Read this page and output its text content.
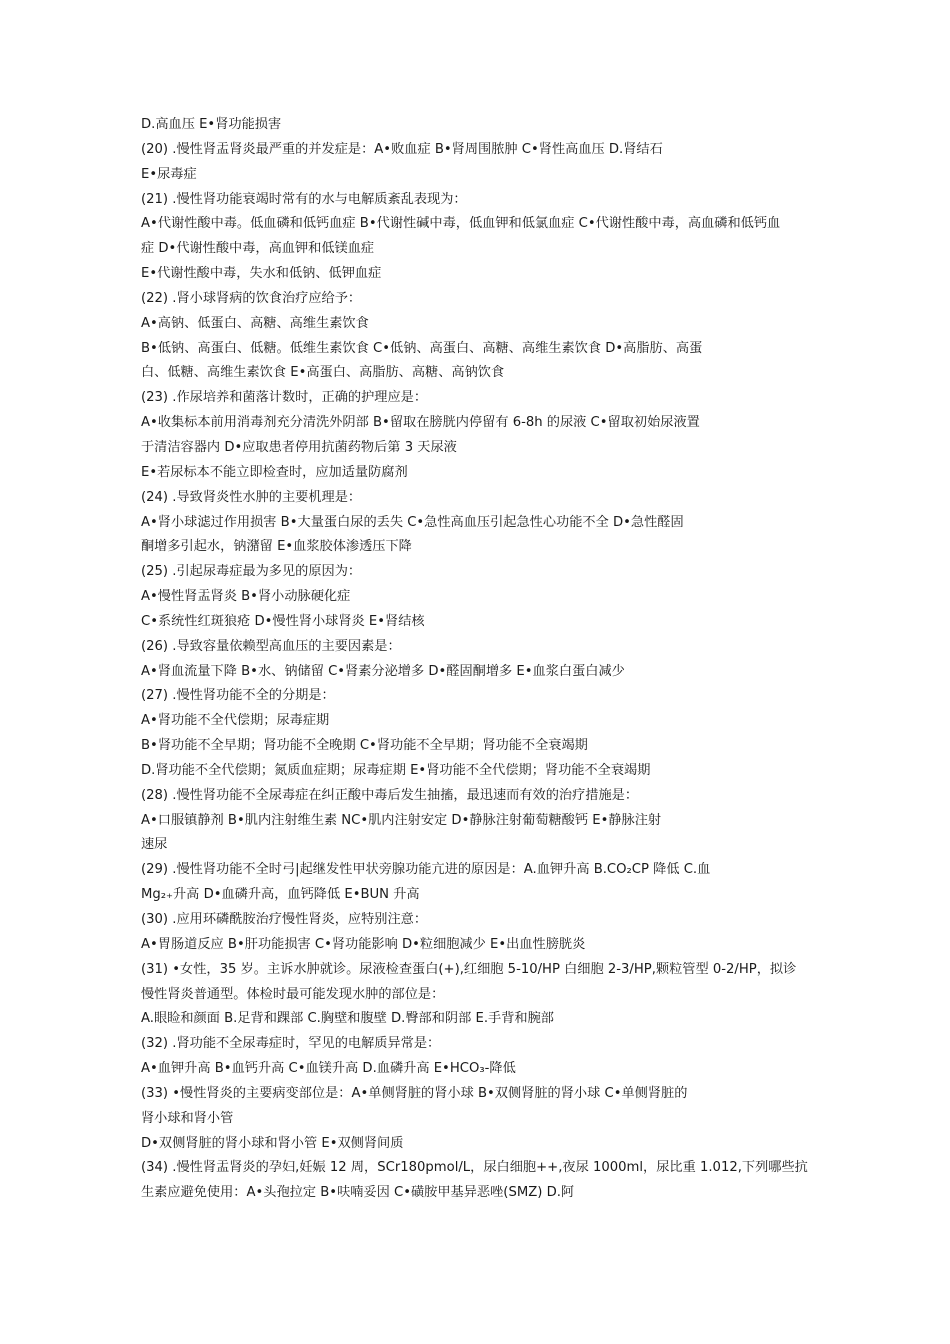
D.高血压 E•肾功能损害
(20) .慢性肾盂肾炎最严重的并发症是：A•败血症 B•肾周围脓肿 C•肾性高血压 D.肾结石
E•尿毒症
(21) .慢性肾功能衰竭时常有的水与电解质紊乱表现为：
A•代谢性酸中毒。低血磷和低钙血症 B•代谢性碱中毒，低血钾和低氯血症 C•代谢性酸中毒，高血磷和低钙血
症 D•代谢性酸中毒，高血钾和低镁血症
E•代谢性酸中毒，失水和低钠、低钾血症
(22) .肾小球肾病的饮食治疗应给予：
A•高钠、低蛋白、高糖、高维生素饮食
B•低钠、高蛋白、低糖。低维生素饮食 C•低钠、高蛋白、高糖、高维生素饮食 D•高脂肪、高蛋
白、低糖、高维生素饮食 E•高蛋白、高脂肪、高糖、高钠饮食
(23) .作尿培养和菌落计数时，正确的护理应是：
A•收集标本前用消毒剂充分清洗外阴部 B•留取在膀胱内停留有 6-8h 的尿液 C•留取初始尿液置
于清洁容器内 D•应取患者停用抗菌药物后第 3 天尿液
E•若尿标本不能立即检查时，应加适量防腐剂
(24) .导致肾炎性水肿的主要机理是：
A•肾小球滤过作用损害 B•大量蛋白尿的丢失 C•急性高血压引起急性心功能不全 D•急性醛固
酮增多引起水，钠潴留 E•血浆胶体渗透压下降
(25) .引起尿毒症最为多见的原因为：
A•慢性肾盂肾炎 B•肾小动脉硬化症
C•系统性红斑狼疮 D•慢性肾小球肾炎 E•肾结核
(26) .导致容量依赖型高血压的主要因素是：
A•肾血流量下降 B•水、钠储留 C•肾素分泌增多 D•醛固酮增多 E•血浆白蛋白减少
(27) .慢性肾功能不全的分期是：
A•肾功能不全代偿期；尿毒症期
B•肾功能不全早期；肾功能不全晚期 C•肾功能不全早期；肾功能不全衰竭期
D.肾功能不全代偿期；氮质血症期；尿毒症期 E•肾功能不全代偿期；肾功能不全衰竭期
(28) .慢性肾功能不全尿毒症在纠正酸中毒后发生抽搐，最迅速而有效的治疗措施是：
A•口服镇静剂 B•肌内注射维生素 NC•肌内注射安定 D•静脉注射葡萄糖酸钙 E•静脉注射
速尿
(29) .慢性肾功能不全时弓|起继发性甲状旁腺功能亢进的原因是：A.血钾升高 B.CO₂CP 降低 C.血
Mg₂₊升高 D•血磷升高，血钙降低 E•BUN 升高
(30) .应用环磷酰胺治疗慢性肾炎，应特别注意：
A•胃肠道反应 B•肝功能损害 C•肾功能影响 D•粒细胞减少 E•出血性膀胱炎
(31) •女性，35 岁。主诉水肿就诊。尿液检查蛋白(+),红细胞 5-10/HP 白细胞 2-3/HP,颗粒管型 0-2/HP，拟诊
慢性肾炎普通型。体检时最可能发现水肿的部位是：
A.眼睑和颜面 B.足背和踝部 C.胸壁和腹壁 D.臀部和阴部 E.手背和腕部
(32) .肾功能不全尿毒症时，罕见的电解质异常是：
A•血钾升高 B•血钙升高 C•血镁升高 D.血磷升高 E•HCO₃-降低
(33) •慢性肾炎的主要病变部位是：A•单侧肾脏的肾小球 B•双侧肾脏的肾小球 C•单侧肾脏的
肾小球和肾小管
D•双侧肾脏的肾小球和肾小管 E•双侧肾间质
(34) .慢性肾盂肾炎的孕妇,妊娠 12 周，SCr180pmol/L，尿白细胞++,夜尿 1000ml，尿比重 1.012,下列哪些抗
生素应避免使用：A•头孢拉定 B•呋喃妥因 C•磺胺甲基异恶唑(SMZ) D.阿
